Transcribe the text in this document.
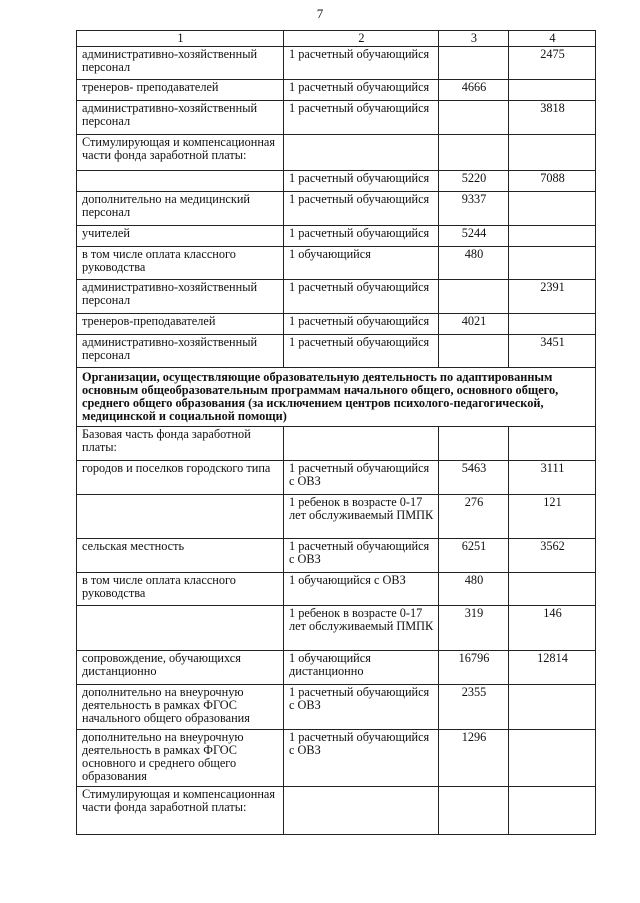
7
1	2	3	4
административно-хозяйственный персонал	1 расчетный обучающийся		2475
тренеров- преподавателей	1 расчетный обучающийся	4666	
административно-хозяйственный персонал	1 расчетный обучающийся		3818
Стимулирующая и компенсационная части фонда заработной платы:			
	1 расчетный обучающийся	5220	7088
дополнительно на медицинский персонал	1 расчетный обучающийся	9337	
учителей	1 расчетный обучающийся	5244	
в том числе оплата классного руководства	1 обучающийся	480	
административно-хозяйственный персонал	1 расчетный обучающийся		2391
тренеров-преподавателей	1 расчетный обучающийся	4021	
административно-хозяйственный персонал	1 расчетный обучающийся		3451
Организации, осуществляющие образовательную деятельность по адаптированным основным общеобразовательным программам начального общего, основного общего, среднего общего образования (за исключением центров психолого-педагогической, медицинской и социальной помощи)			
Базовая часть фонда заработной платы:			
городов и поселков городского типа	1 расчетный обучающийся с ОВЗ	5463	3111
	1 ребенок в возрасте 0-17 лет обслуживаемый ПМПК	276	121
сельская местность	1 расчетный обучающийся с ОВЗ	6251	3562
в том числе оплата классного руководства	1 обучающийся с ОВЗ	480	
	1 ребенок в возрасте 0-17 лет обслуживаемый ПМПК	319	146
сопровождение, обучающихся дистанционно	1 обучающийся дистанционно	16796	12814
дополнительно на внеурочную деятельность в рамках ФГОС начального общего образования	1 расчетный обучающийся с ОВЗ	2355	
дополнительно на внеурочную деятельность в рамках ФГОС основного и среднего общего образования	1 расчетный обучающийся с ОВЗ	1296	
Стимулирующая и компенсационная части фонда заработной платы:			
